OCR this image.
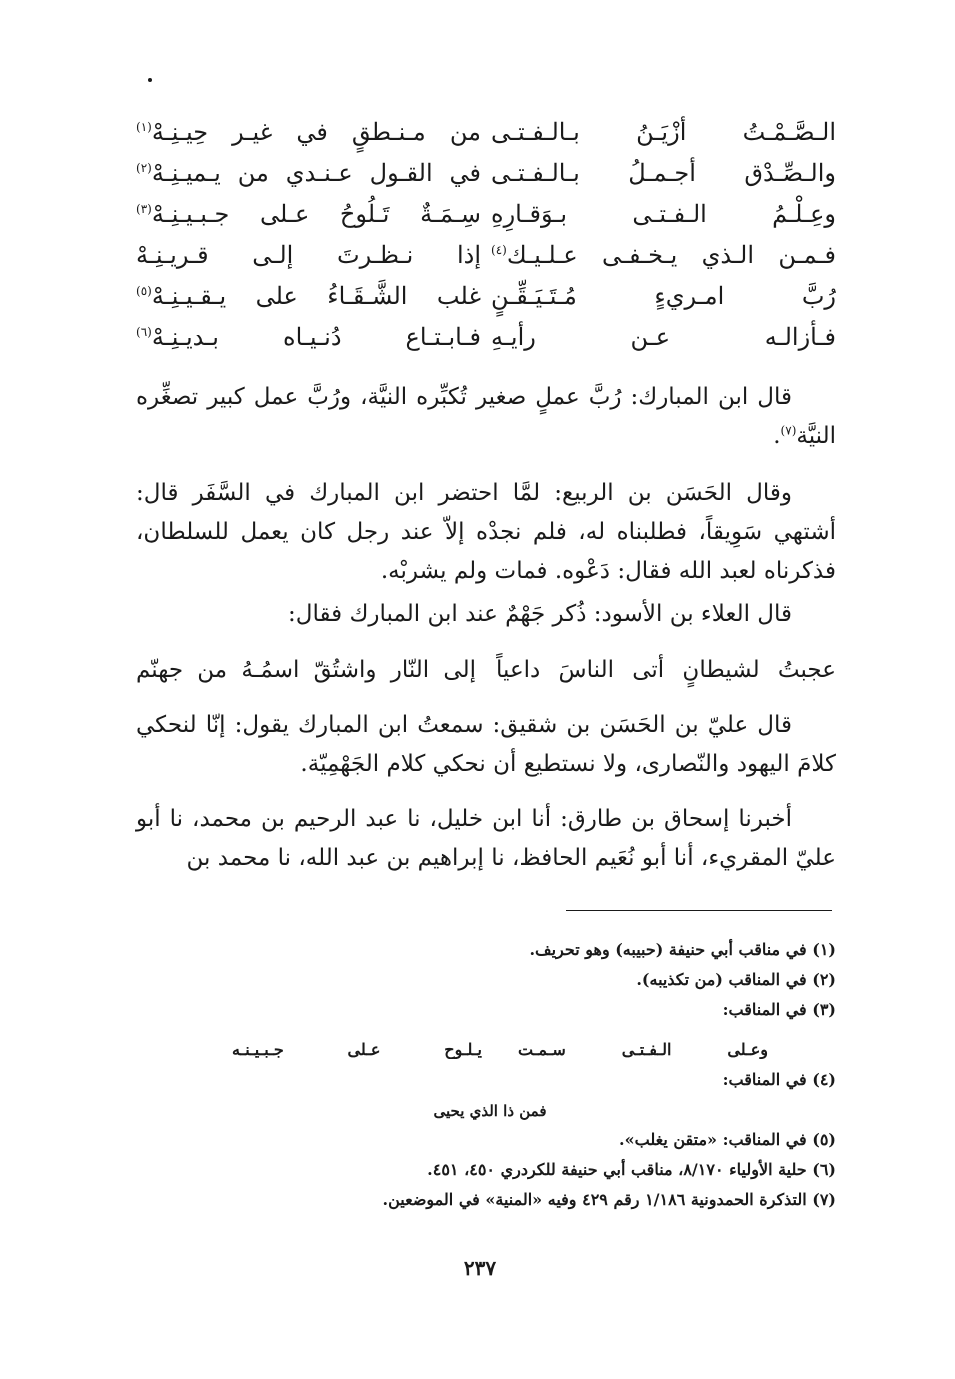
الـصَّـمْـتُ أزْيَـنُ بـالـفـتـى
من مـنـطقٍ في غيـر حِيـنِـهْ$^{(١)}$
والـصِّـدْق أجـمـلُ بـالـفـتـى
في القـول عـنـدي من يـميـنِـهْ$^{(٢)}$
وعِـلْـمُ الـفـتـى بـوَقـارِهِ
سِـمَـةٌ تَـلُوحُ عـلى جـبـيـنِـهْ$^{(٣)}$
فـمـن الـذي يـخـفـى عـلـيـك$^{(٤)}$
إذا نـظـرتَ إلـى قـريـنِـهْ
رُبَّ امـريءٍ مُـتَـيَـقِّـنٍ
غلب الشَّـقَـاءُ على يـقـيـنِـهْ$^{(٥)}$
فـأزالـه عـن رأيـهِ
فـابـتـاع دُنـيـاه بـديـنِـهْ$^{(٦)}$

قال ابن المبارك: رُبَّ عملٍ صغير تُكبِّره النيَّة، ورُبَّ عمل كبير تصغِّره النيَّة$^{(٧)}$.

وقال الحَسَن بن الربيع: لمَّا احتضر ابن المبارك في السَّفَر قال: أشتهي سَوِيقاً، فطلبناه له، فلم نجدْه إلاّ عند رجل كان يعمل للسلطان، فذكرناه لعبد الله فقال: دَعْوه. فمات ولم يشربْه.

قال العلاء بن الأسود: ذُكر جَهْمٌ عند ابن المبارك فقال:

عجبتُ لشيطانٍ أتى الناسَ داعياً
إلى النّار واشتُقّ اسمُـهُ من جهنّم

قال عليّ بن الحَسَن بن شقيق: سمعتُ ابن المبارك يقول: إنّا لنحكي كلامَ اليهود والنّصارى، ولا نستطيع أن نحكي كلام الجَهْمِيّة.

أخبرنا إسحاق بن طارق: أنا ابن خليل، نا عبد الرحيم بن محمد، نا أبو عليّ المقريء، أنا أبو نُعَيم الحافظ، نا إبراهيم بن عبد الله، نا محمد بن

(١) في مناقب أبي حنيفة (حبيبه) وهو تحريف.
(٢) في المناقب (من تكذيبه).
(٣) في المناقب:
(٤) في المناقب:
(٥) في المناقب: «متقن يغلب».
(٦) حلية الأولياء ٨/١٧٠، مناقب أبي حنيفة للكردري ٤٥٠، ٤٥١.
(٧) التذكرة الحمدونية ١/١٨٦ رقم ٤٢٩ وفيه «المنية» في الموضعين.
وعـلى الـفـتـى سـمـت
يـلـوح عـلى جـبـيـنـه
فمن ذا الذي يحيى
٢٣٧
